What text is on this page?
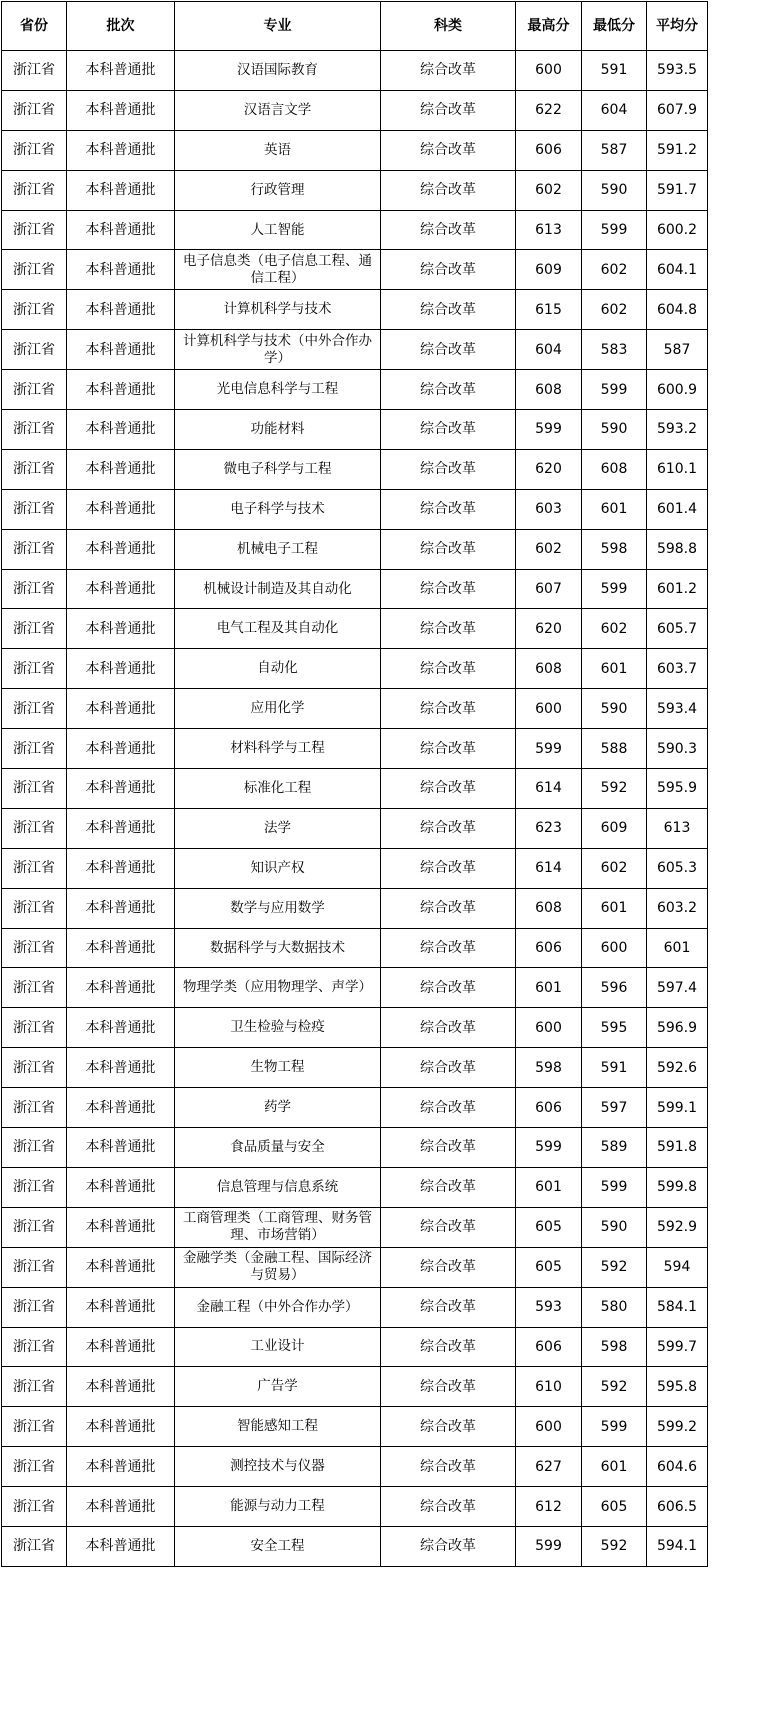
省份	批次	专业	科类	最高分	最低分	平均分
浙江省	本科普通批	汉语国际教育	综合改革	600	591	593.5
浙江省	本科普通批	汉语言文学	综合改革	622	604	607.9
浙江省	本科普通批	英语	综合改革	606	587	591.2
浙江省	本科普通批	行政管理	综合改革	602	590	591.7
浙江省	本科普通批	人工智能	综合改革	613	599	600.2
浙江省	本科普通批	电子信息类（电子信息工程、通信工程）	综合改革	609	602	604.1
浙江省	本科普通批	计算机科学与技术	综合改革	615	602	604.8
浙江省	本科普通批	计算机科学与技术（中外合作办学）	综合改革	604	583	587
浙江省	本科普通批	光电信息科学与工程	综合改革	608	599	600.9
浙江省	本科普通批	功能材料	综合改革	599	590	593.2
浙江省	本科普通批	微电子科学与工程	综合改革	620	608	610.1
浙江省	本科普通批	电子科学与技术	综合改革	603	601	601.4
浙江省	本科普通批	机械电子工程	综合改革	602	598	598.8
浙江省	本科普通批	机械设计制造及其自动化	综合改革	607	599	601.2
浙江省	本科普通批	电气工程及其自动化	综合改革	620	602	605.7
浙江省	本科普通批	自动化	综合改革	608	601	603.7
浙江省	本科普通批	应用化学	综合改革	600	590	593.4
浙江省	本科普通批	材料科学与工程	综合改革	599	588	590.3
浙江省	本科普通批	标准化工程	综合改革	614	592	595.9
浙江省	本科普通批	法学	综合改革	623	609	613
浙江省	本科普通批	知识产权	综合改革	614	602	605.3
浙江省	本科普通批	数学与应用数学	综合改革	608	601	603.2
浙江省	本科普通批	数据科学与大数据技术	综合改革	606	600	601
浙江省	本科普通批	物理学类（应用物理学、声学）	综合改革	601	596	597.4
浙江省	本科普通批	卫生检验与检疫	综合改革	600	595	596.9
浙江省	本科普通批	生物工程	综合改革	598	591	592.6
浙江省	本科普通批	药学	综合改革	606	597	599.1
浙江省	本科普通批	食品质量与安全	综合改革	599	589	591.8
浙江省	本科普通批	信息管理与信息系统	综合改革	601	599	599.8
浙江省	本科普通批	工商管理类（工商管理、财务管理、市场营销）	综合改革	605	590	592.9
浙江省	本科普通批	金融学类（金融工程、国际经济与贸易）	综合改革	605	592	594
浙江省	本科普通批	金融工程（中外合作办学）	综合改革	593	580	584.1
浙江省	本科普通批	工业设计	综合改革	606	598	599.7
浙江省	本科普通批	广告学	综合改革	610	592	595.8
浙江省	本科普通批	智能感知工程	综合改革	600	599	599.2
浙江省	本科普通批	测控技术与仪器	综合改革	627	601	604.6
浙江省	本科普通批	能源与动力工程	综合改革	612	605	606.5
浙江省	本科普通批	安全工程	综合改革	599	592	594.1
